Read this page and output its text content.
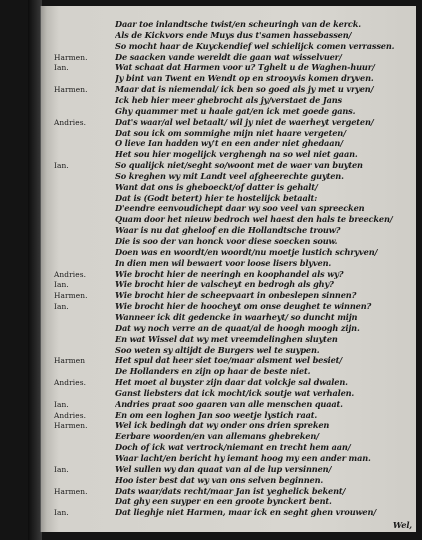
Daar toe inlandtsche twist/en scheuringh van de kerck.
Als de Kickvors ende Muys dus t'samen hassebassen/
So mocht haar de Kuyckendief wel schielijck comen verrassen.
Harmen.	De saacken vande wereldt die gaan wat wisselvuer/
Ian.	Wat schaat dat Harmen voor u? Tghelt u de Waghen-huur/
Jy bint van Twent en Wendt op en strooyvis komen dryven.
Harmen.	Maar dat is niemendal/ ick ben so goed als jy met u vryen/
Ick heb hier meer ghebrocht als jy/verstaet de Jans
Ghy quammer met u haale gat/en ick met goede gans.
Andries.	Dat's waar/al wel betaalt/ wil jy niet de waerheyt vergeten/
Dat sou ick om sommighe mijn niet haare vergeten/
O lieve Ian hadden wy't en een ander niet ghedaan/
Het sou hier mogelijck verghengh na so wel niet gaan.
Ian.	So qualijck niet/seght so/woont met de waer van buyten
So kreghen wy mit Landt veel afgheerechte guyten.
Want dat ons is gheboeckt/of datter is gehalt/
Dat is (Godt betert) hier te hostelijck betaalt:
D'eendre eenvoudichept daar wy soo veel van spreecken
Quam door het nieuw bedroch wel haest den hals te breecken/
Waar is nu dat gheloof en die Hollandtsche trouw?
Die is soo der van honck voor diese soecken souw.
Doen was en woordt/en woordt/nu moetje lustich schryven/
In dien men wil bewaert voor loose lisers blyven.
Andries.	Wie brocht hier de neeringh en koophandel als wy?
Ian.	Wie brocht hier de valscheyt en bedrogh als ghy?
Harmen.	Wie brocht hier de scheepvaart in onbeslepen sinnen?
Ian.	Wie brocht hier de hoocheyt om onse deughet te winnen?
Wanneer ick dit gedencke in waarheyt/ so duncht mijn
Dat wy noch verre an de quaat/al de hoogh moogh zijn.
En wat Wissel dat wy met vreemdelinghen sluyten
Soo weten sy altijdt de Burgers wel te suypen.
Harmen	Het spul dat heer siet toe/maar alsment wel besiet/
De Hollanders en zijn op haar de beste niet.
Andries.	Het moet al buyster zijn daar dat volckje sal dwalen.
Ganst liebsters dat ick mocht/ick soutje wat verhalen.
Ian.	Andries praat soo gaaren van alle menschen quaat.
Andries.	En om een loghen Jan soo weetje lystich raat.
Harmen.	Wel ick bedingh dat wy onder ons drien spreken
Eerbare woorden/en van allemans ghebreken/
Doch of ick wat vertrock/niemant en trecht hem aan/
Waar lacht/en bericht hy iemant hoog my een ander man.
Ian.	Wel sullen wy dan quaat van al de lup versinnen/
Hoo ister best dat wy van ons selven beginnen.
Harmen.	Dats waar/dats recht/maar Jan ist yeghelick bekent/
Dat ghy een suyper en een groote bynckert bent.
Ian.	Dat lieghje niet Harmen, maar ick en seght ghen vrouwen/
Wel,
